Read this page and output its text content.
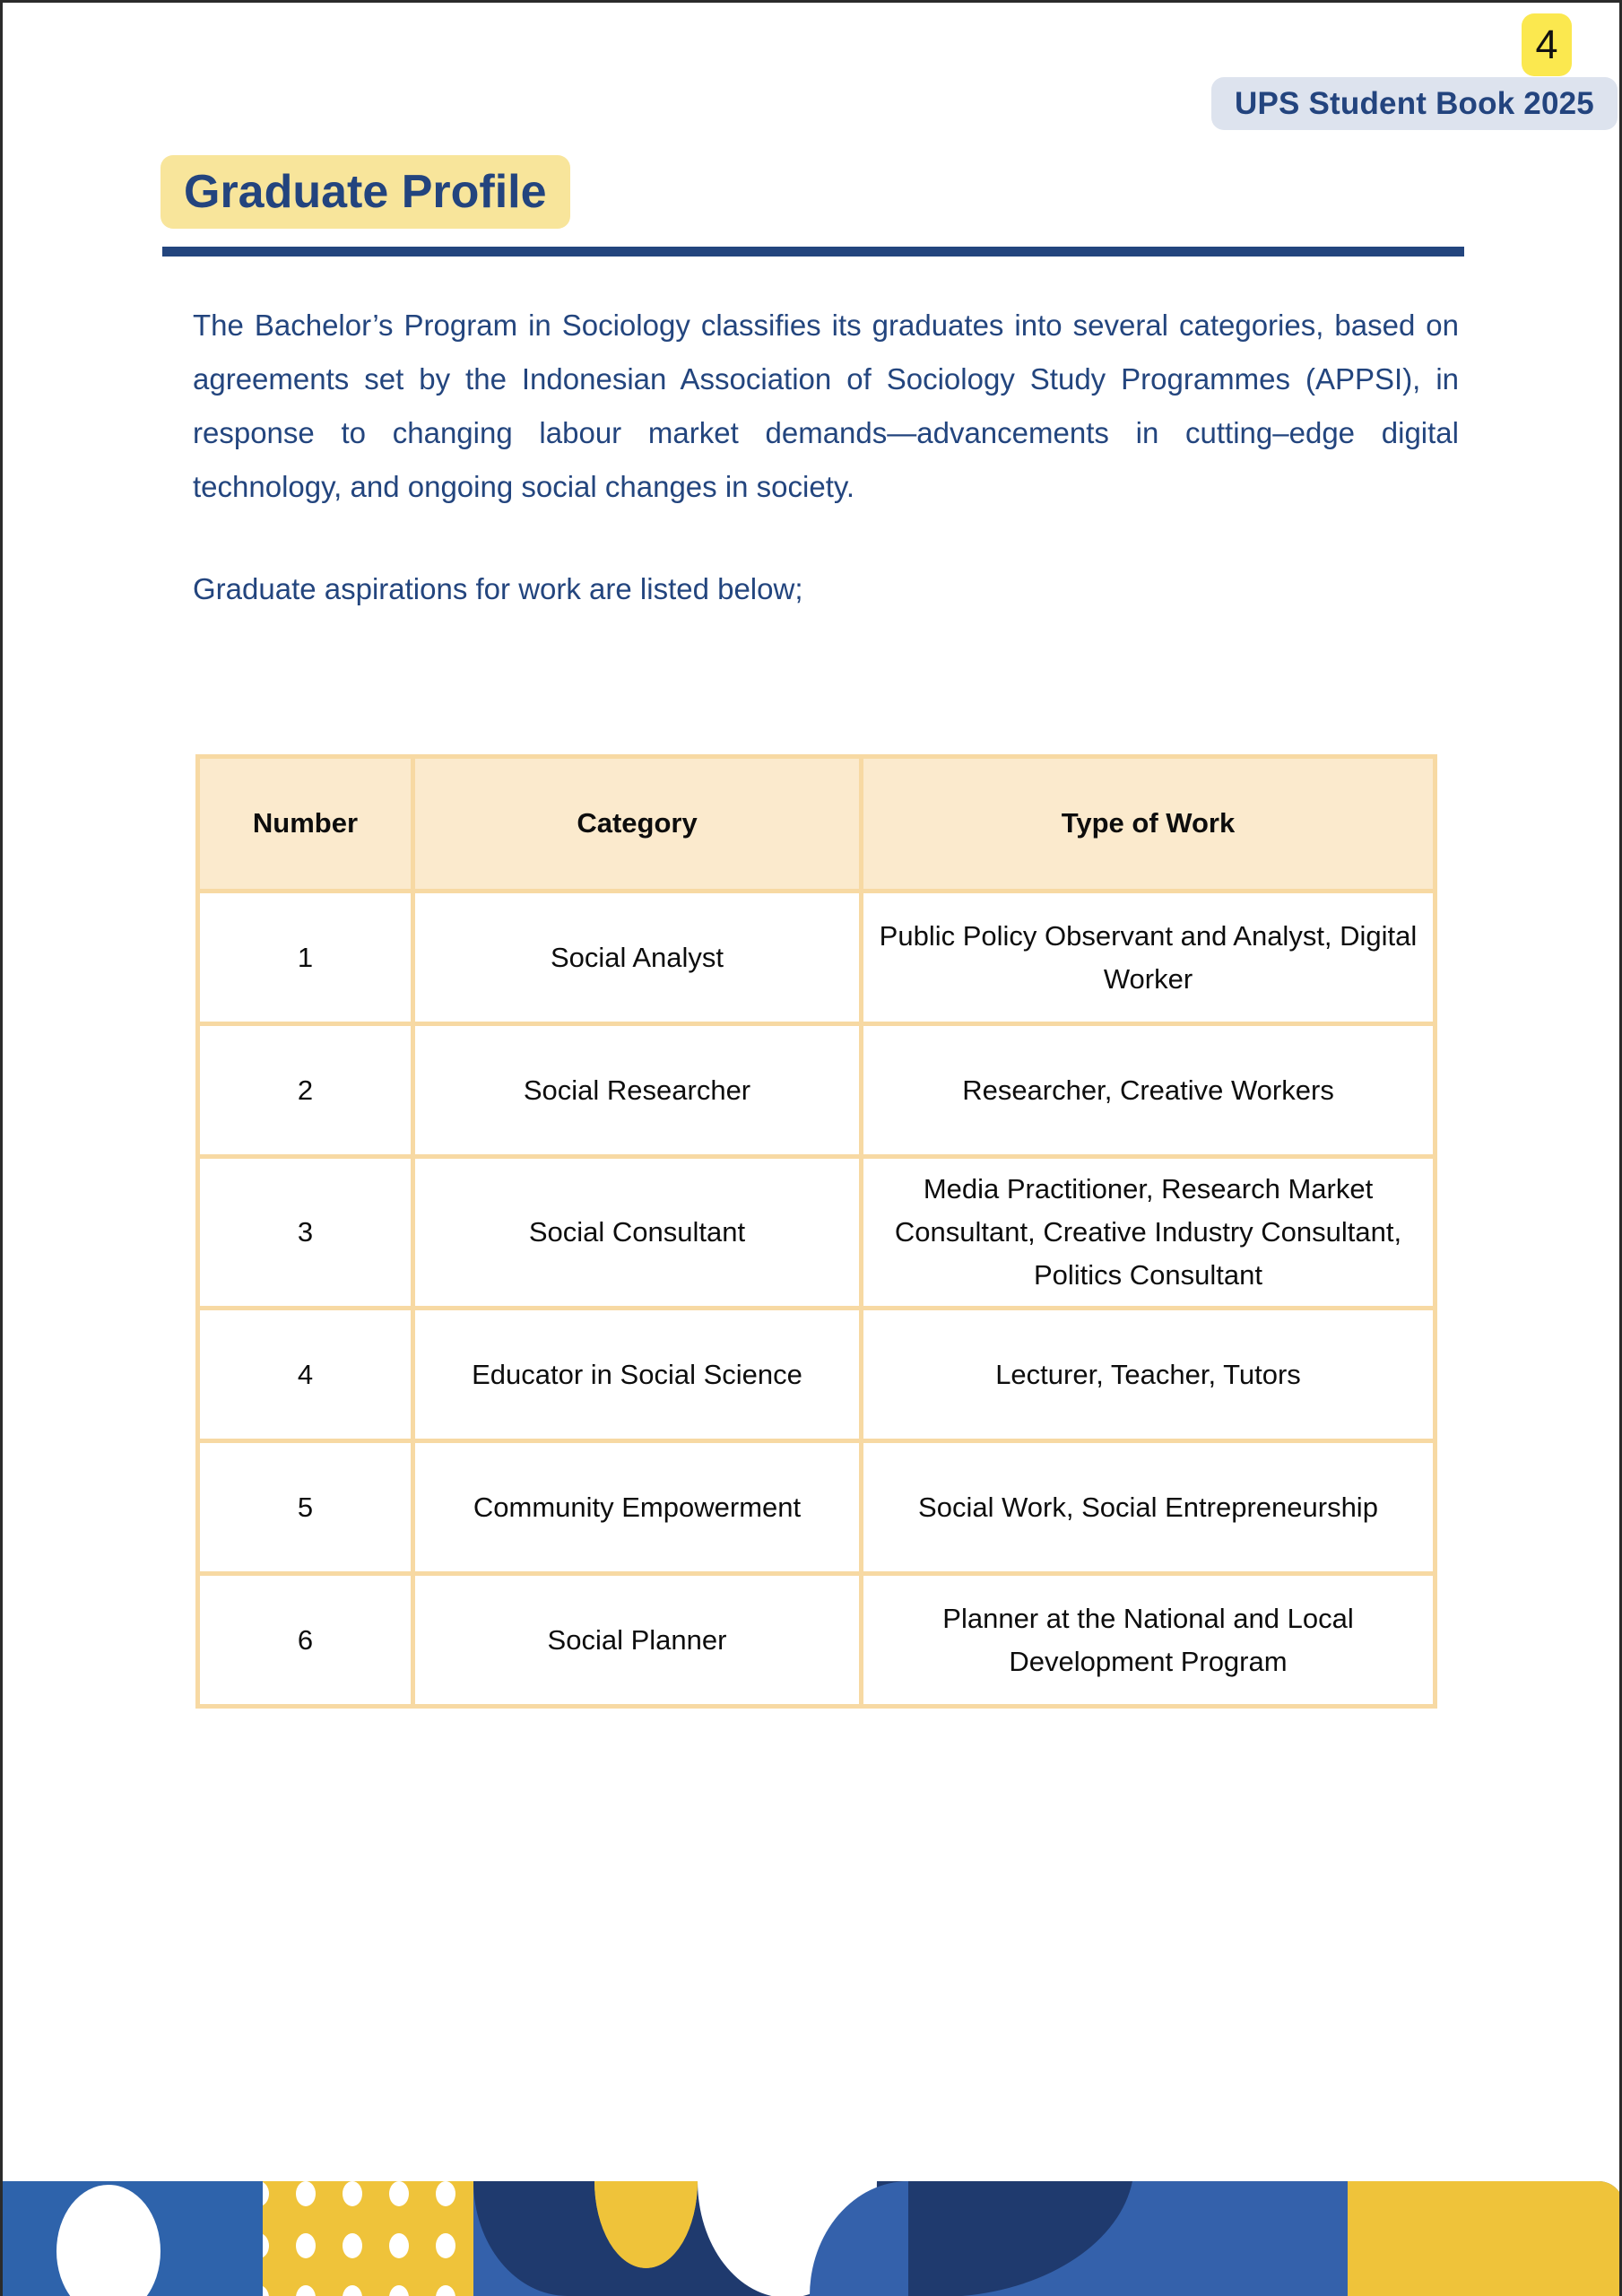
4
UPS Student Book 2025
Graduate Profile

The Bachelor’s Program in Sociology classifies its graduates into several categories, based on agreements set by the Indonesian Association of Sociology Study Programmes (APPSI), in response to changing labour market demands—advancements in cutting–edge digital technology, and ongoing social changes in society.

Graduate aspirations for work are listed below;

Number	Category	Type of Work
1	Social Analyst	Public Policy Observant and Analyst, Digital Worker
2	Social Researcher	Researcher, Creative Workers
3	Social Consultant	Media Practitioner, Research Market Consultant, Creative Industry Consultant, Politics Consultant
4	Educator in Social Science	Lecturer, Teacher, Tutors
5	Community Empowerment	Social Work, Social Entrepreneurship
6	Social Planner	Planner at the National and Local Development Program
